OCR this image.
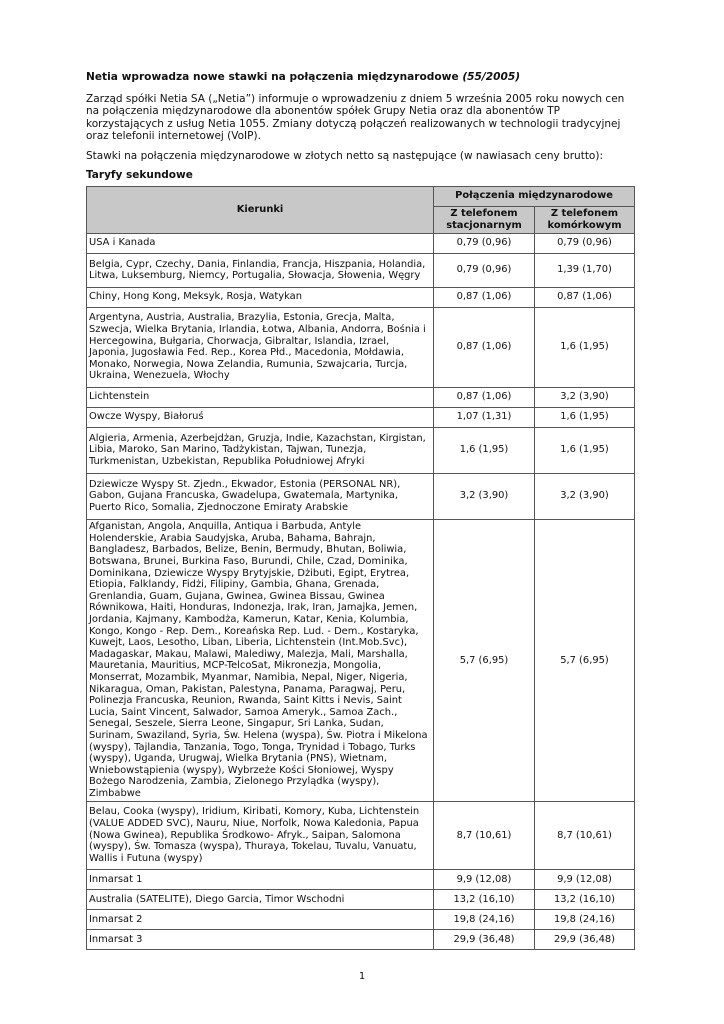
Netia wprowadza nowe stawki na połączenia międzynarodowe (55/2005)

Zarząd spółki Netia SA („Netia”) informuje o wprowadzeniu z dniem 5 września 2005 roku nowych cen na połączenia międzynarodowe dla abonentów spółek Grupy Netia oraz dla abonentów TP korzystających z usług Netia 1055. Zmiany dotyczą połączeń realizowanych w technologii tradycyjnej oraz telefonii internetowej (VoIP).

Stawki na połączenia międzynarodowe w złotych netto są następujące (w nawiasach ceny brutto):

Taryfy sekundowe
Kierunki	Połączenia międzynarodowe	
	Z telefonem stacjonarnym	Z telefonem komórkowym
USA i Kanada	0,79 (0,96)	0,79 (0,96)
Belgia, Cypr, Czechy, Dania, Finlandia, Francja, Hiszpania, Holandia, Litwa, Luksemburg, Niemcy, Portugalia, Słowacja, Słowenia, Węgry	0,79 (0,96)	1,39 (1,70)
Chiny, Hong Kong, Meksyk, Rosja, Watykan	0,87 (1,06)	0,87 (1,06)
Argentyna, Austria, Australia, Brazylia, Estonia, Grecja, Malta, Szwecja, Wielka Brytania, Irlandia, Łotwa, Albania, Andorra, Bośnia i Hercegowina, Bułgaria, Chorwacja, Gibraltar, Islandia, Izrael, Japonia, Jugosławia Fed. Rep., Korea Płd., Macedonia, Mołdawia, Monako, Norwegia, Nowa Zelandia, Rumunia, Szwajcaria, Turcja, Ukraina, Wenezuela, Włochy	0,87 (1,06)	1,6 (1,95)
Lichtenstein	0,87 (1,06)	3,2 (3,90)
Owcze Wyspy, Białoruś	1,07 (1,31)	1,6 (1,95)
Algieria, Armenia, Azerbejdżan, Gruzja, Indie, Kazachstan, Kirgistan, Libia, Maroko, San Marino, Tadżykistan, Tajwan, Tunezja, Turkmenistan, Uzbekistan, Republika Południowej Afryki	1,6 (1,95)	1,6 (1,95)
Dziewicze Wyspy St. Zjedn., Ekwador, Estonia (PERSONAL NR), Gabon, Gujana Francuska, Gwadelupa, Gwatemala, Martynika, Puerto Rico, Somalia, Zjednoczone Emiraty Arabskie	3,2 (3,90)	3,2 (3,90)
Afganistan, Angola, Anquilla, Antiqua i Barbuda, Antyle Holenderskie, Arabia Saudyjska, Aruba, Bahama, Bahrajn, Bangladesz, Barbados, Belize, Benin, Bermudy, Bhutan, Boliwia, Botswana, Brunei, Burkina Faso, Burundi, Chile, Czad, Dominika, Dominikana, Dziewicze Wyspy Brytyjskie, Dżibuti, Egipt, Erytrea, Etiopia, Falklandy, Fidżi, Filipiny, Gambia, Ghana, Grenada, Grenlandia, Guam, Gujana, Gwinea, Gwinea Bissau, Gwinea Równikowa, Haiti, Honduras, Indonezja, Irak, Iran, Jamajka, Jemen, Jordania, Kajmany, Kambodża, Kamerun, Katar, Kenia, Kolumbia, Kongo, Kongo - Rep. Dem., Koreańska Rep. Lud. - Dem., Kostaryka, Kuwejt, Laos, Lesotho, Liban, Liberia, Lichtenstein (Int.Mob.Svc), Madagaskar, Makau, Malawi, Malediwy, Malezja, Mali, Marshalla, Mauretania, Mauritius, MCP-TelcoSat, Mikronezja, Mongolia, Monserrat, Mozambik, Myanmar, Namibia, Nepal, Niger, Nigeria, Nikaragua, Oman, Pakistan, Palestyna, Panama, Paragwaj, Peru, Polinezja Francuska, Reunion, Rwanda, Saint Kitts i Nevis, Saint Lucia, Saint Vincent, Salwador, Samoa Ameryk., Samoa Zach., Senegal, Seszele, Sierra Leone, Singapur, Sri Lanka, Sudan, Surinam, Swaziland, Syria, Św. Helena (wyspa), Św. Piotra i Mikelona (wyspy), Tajlandia, Tanzania, Togo, Tonga, Trynidad i Tobago, Turks (wyspy), Uganda, Urugwaj, Wielka Brytania (PNS), Wietnam, Wniebowstąpienia (wyspy), Wybrzeże Kości Słoniowej, Wyspy Bożego Narodzenia, Zambia, Zielonego Przylądka (wyspy), Zimbabwe	5,7 (6,95)	5,7 (6,95)
Belau, Cooka (wyspy), Iridium, Kiribati, Komory, Kuba, Lichtenstein (VALUE ADDED SVC), Nauru, Niue, Norfolk, Nowa Kaledonia, Papua (Nowa Gwinea), Republika Środkowo- Afryk., Saipan, Salomona (wyspy), Św. Tomasza (wyspa), Thuraya, Tokelau, Tuvalu, Vanuatu, Wallis i Futuna (wyspy)	8,7 (10,61)	8,7 (10,61)
Inmarsat 1	9,9 (12,08)	9,9 (12,08)
Australia (SATELITE), Diego Garcia, Timor Wschodni	13,2 (16,10)	13,2 (16,10)
Inmarsat 2	19,8 (24,16)	19,8 (24,16)
Inmarsat 3	29,9 (36,48)	29,9 (36,48)
1
